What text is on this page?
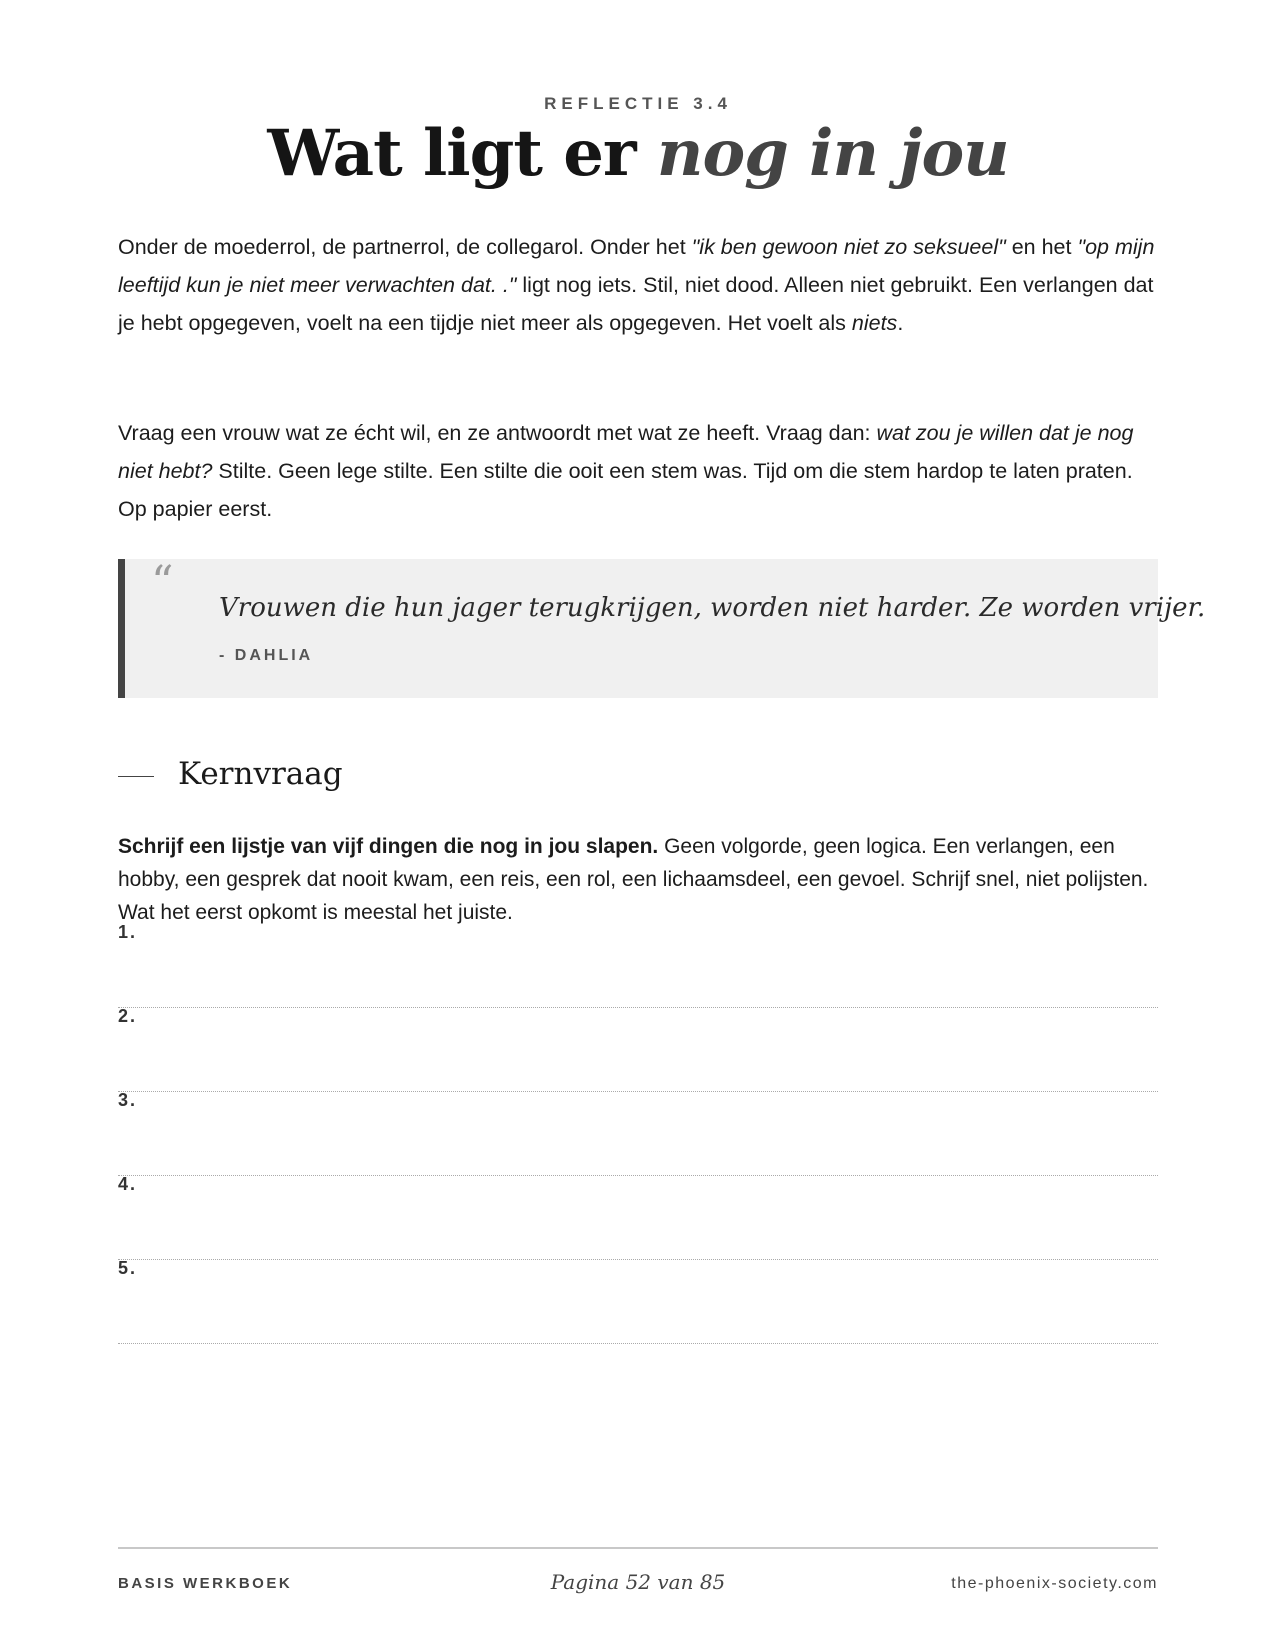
REFLECTIE 3.4
Wat ligt er nog in jou

Onder de moederrol, de partnerrol, de collegarol. Onder het "ik ben gewoon niet zo seksueel" en het "op mijn leeftijd kun je niet meer verwachten dat. ." ligt nog iets. Stil, niet dood. Alleen niet gebruikt. Een verlangen dat je hebt opgegeven, voelt na een tijdje niet meer als opgegeven. Het voelt als niets.

Vraag een vrouw wat ze écht wil, en ze antwoordt met wat ze heeft. Vraag dan: wat zou je willen dat je nog niet hebt? Stilte. Geen lege stilte. Een stilte die ooit een stem was. Tijd om die stem hardop te laten praten. Op papier eerst.

“ Vrouwen die hun jager terugkrijgen, worden niet harder. Ze worden vrijer.

- DAHLIA
Kernvraag

Schrijf een lijstje van vijf dingen die nog in jou slapen. Geen volgorde, geen logica. Een verlangen, een hobby, een gesprek dat nooit kwam, een reis, een rol, een lichaamsdeel, een gevoel. Schrijf snel, niet polijsten. Wat het eerst opkomt is meestal het juiste.

1.
2.
3.
4.
5.
BASIS WERKBOEK	Pagina 52 van 85	the-phoenix-society.com
